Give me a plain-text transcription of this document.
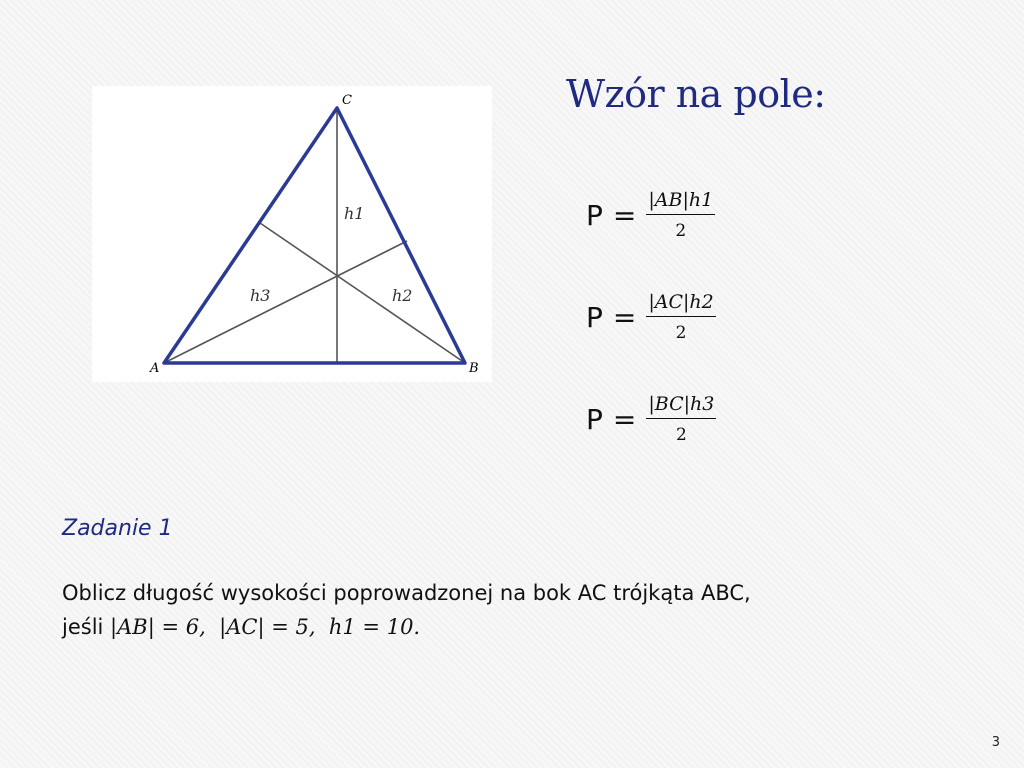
A	B
C
h1
h2
h3
Wzór na pole:
$P = \frac{|AB|h1}{2}$
$P = \frac{|AC|h2}{2}$
$P = \frac{|BC|h3}{2}$
Zadanie 1
Oblicz długość wysokości poprowadzonej na bok AC trójkąta ABC,
jeśli |AB| = 6, |AC| = 5, h1 = 10.
3
